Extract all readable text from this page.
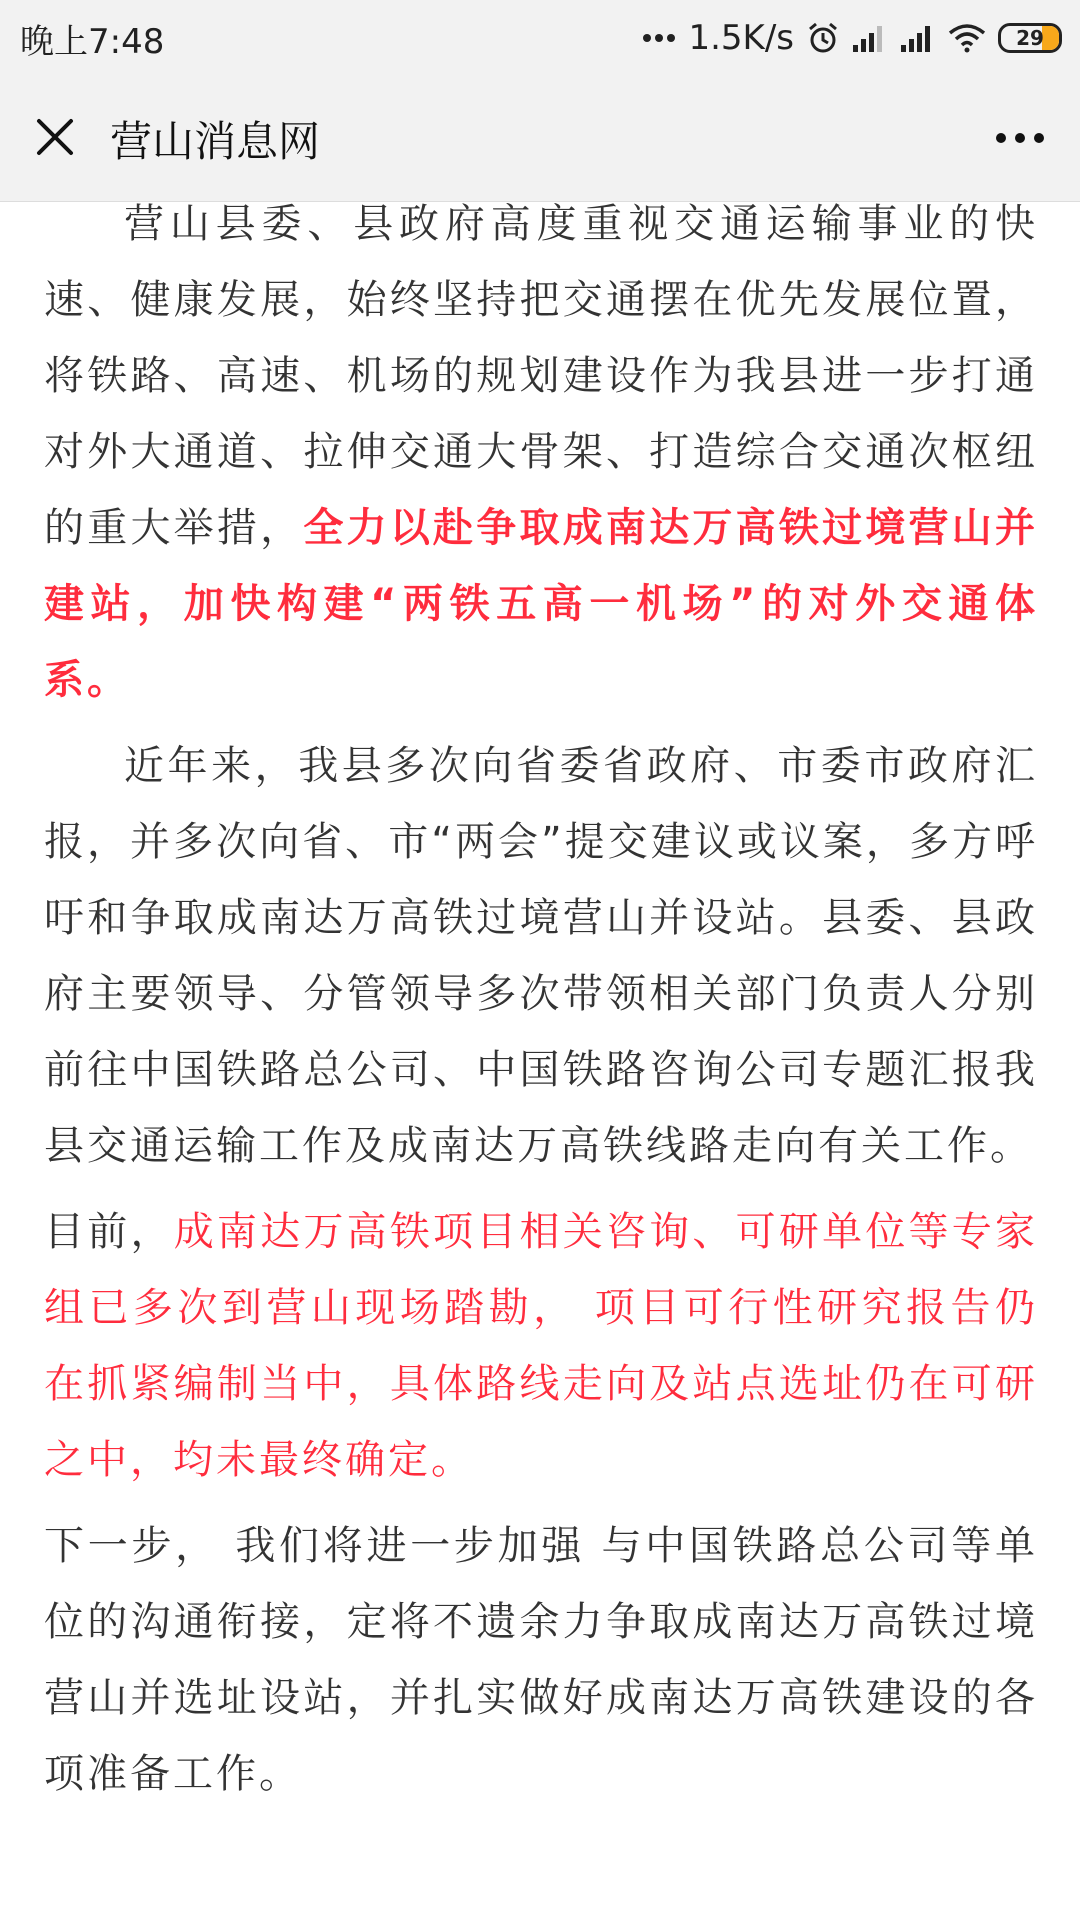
晚上7:48	1.5K/s	29
营山消息网

营山县委、县政府高度重视交通运输事业的快速、健康发展，始终坚持把交通摆在优先发展位置，将铁路、高速、机场的规划建设作为我县进一步打通对外大通道、拉伸交通大骨架、打造综合交通次枢纽的重大举措，全力以赴争取成南达万高铁过境营山并建站，加快构建“两铁五高一机场”的对外交通体系。

近年来，我县多次向省委省政府、市委市政府汇报，并多次向省、市“两会”提交建议或议案，多方呼吁和争取成南达万高铁过境营山并设站。县委、县政府主要领导、分管领导多次带领相关部门负责人分别前往中国铁路总公司、中国铁路咨询公司专题汇报我县交通运输工作及成南达万高铁线路走向有关工作。

目前，成南达万高铁项目相关咨询、可研单位等专家组已多次到营山现场踏勘， 项目可行性研究报告仍在抓紧编制当中，具体路线走向及站点选址仍在可研之中，均未最终确定。

下一步， 我们将进一步加强 与中国铁路总公司等单位的沟通衔接，定将不遗余力争取成南达万高铁过境营山并选址设站，并扎实做好成南达万高铁建设的各项准备工作。
